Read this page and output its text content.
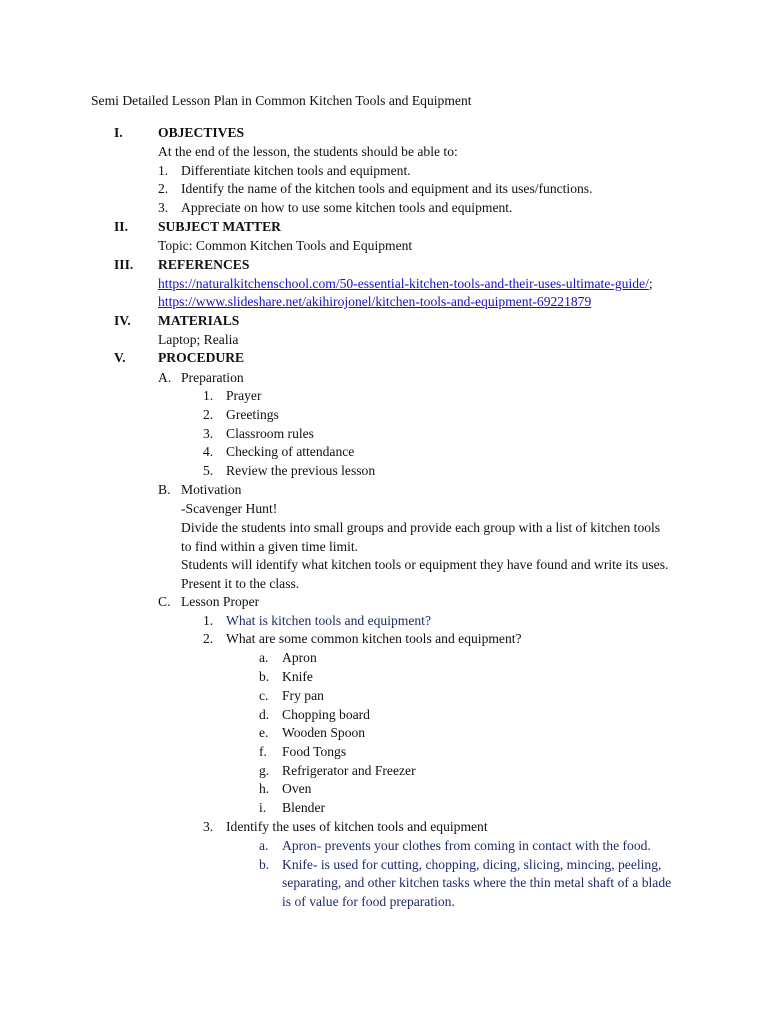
Semi Detailed Lesson Plan in Common Kitchen Tools and Equipment
I.	OBJECTIVES
At the end of the lesson, the students should be able to:
1. Differentiate kitchen tools and equipment.
2. Identify the name of the kitchen tools and equipment and its uses/functions.
3. Appreciate on how to use some kitchen tools and equipment.
II. SUBJECT MATTER
Topic: Common Kitchen Tools and Equipment
III. REFERENCES
https://naturalkitchenschool.com/50-essential-kitchen-tools-and-their-uses-ultimate-guide/;
https://www.slideshare.net/akihirojonel/kitchen-tools-and-equipment-69221879
IV. MATERIALS
Laptop; Realia
V. PROCEDURE
A. Preparation
1. Prayer
2. Greetings
3. Classroom rules
4. Checking of attendance
5. Review the previous lesson
B. Motivation
-Scavenger Hunt!
Divide the students into small groups and provide each group with a list of kitchen tools
to find within a given time limit.
Students will identify what kitchen tools or equipment they have found and write its uses.
Present it to the class.
C. Lesson Proper
1. What is kitchen tools and equipment?
2. What are some common kitchen tools and equipment?
a. Apron
b. Knife
c. Fry pan
d. Chopping board
e. Wooden Spoon
f. Food Tongs
g. Refrigerator and Freezer
h. Oven
i. Blender
3. Identify the uses of kitchen tools and equipment
a. Apron- prevents your clothes from coming in contact with the food.
b. Knife- is used for cutting, chopping, dicing, slicing, mincing, peeling,
separating, and other kitchen tasks where the thin metal shaft of a blade
is of value for food preparation.
